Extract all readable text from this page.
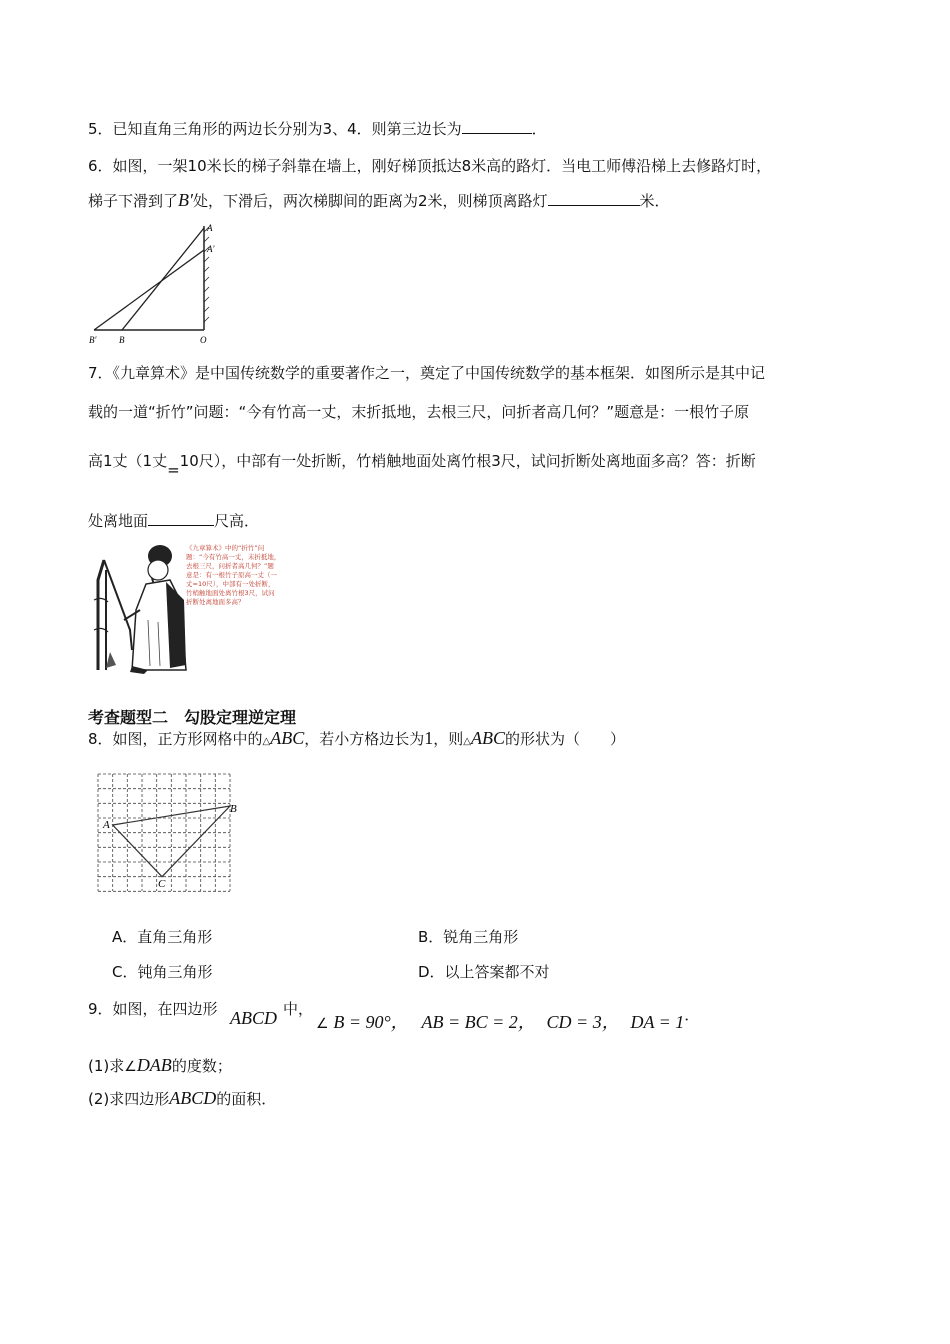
5．已知直角三角形的两边长分别为3、4．则第三边长为	．
6．如图，一架10米长的梯子斜靠在墙上，刚好梯顶抵达8米高的路灯．当电工师傅沿梯上去修路灯时，
梯子下滑到了B′处，下滑后，两次梯脚间的距离为2米，则梯顶离路灯	米．
A
A′
B′	B	O
7．《九章算术》是中国传统数学的重要著作之一，奠定了中国传统数学的基本框架．如图所示是其中记
载的一道“折竹”问题：“今有竹高一丈，末折抵地，去根三尺，问折者高几何？”题意是：一根竹子原
高1丈（1丈=10尺），中部有一处折断，竹梢触地面处离竹根3尺，试问折断处离地面多高？答：折断
处离地面	尺高．
《九章算术》中的“折竹”问
题：“今有竹高一丈，末折抵地，
去根三尺，问折者高几何？”题
意是：有一根竹子原高一丈（一
丈=10尺），中部有一处折断，
竹梢触地面处离竹根3尺，试问
折断处离地面多高？
考查题型二　勾股定理逆定理
8．如图，正方形网格中的△ABC，若小方格边长为1，则△ABC的形状为（　　）
A
B
C
A．直角三角形	B．锐角三角形
C．钝角三角形	D．以上答案都不对
9．如图，在四边形 ABCD 中，
∠ B = 90°， AB = BC = 2， CD = 3， DA = 1．
(1)求∠DAB的度数；
(2)求四边形ABCD的面积．
